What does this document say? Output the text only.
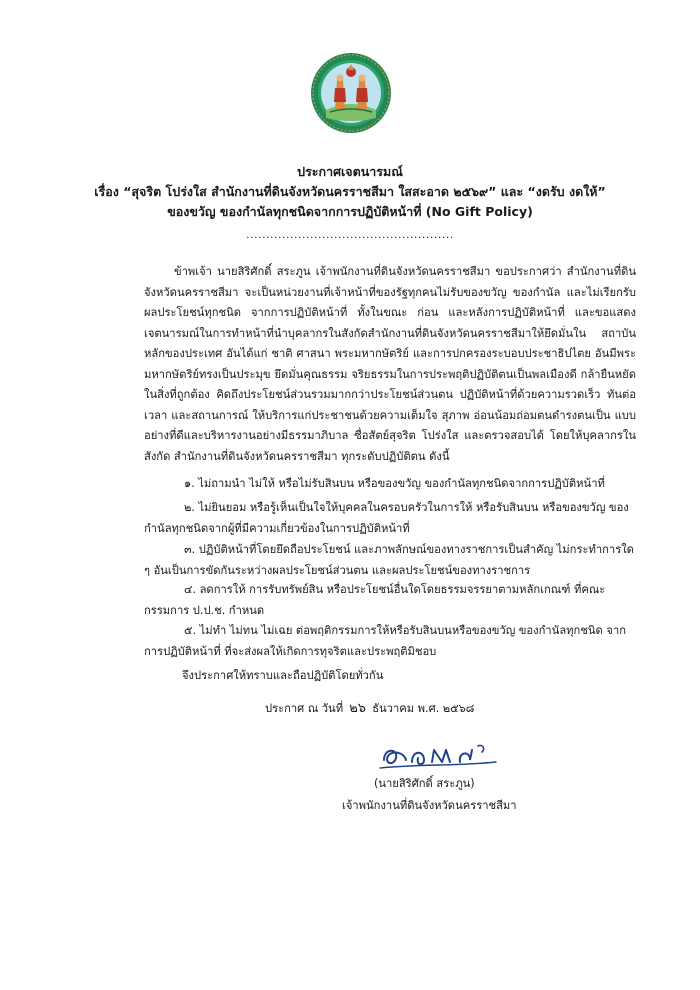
ประกาศเจตนารมณ์
เรื่อง “สุจริต โปร่งใส สำนักงานที่ดินจังหวัดนครราชสีมา ใสสะอาด ๒๕๖๙” และ “งดรับ งดให้”
ของขวัญ ของกำนัลทุกชนิดจากการปฏิบัติหน้าที่ (No Gift Policy)
....................................................
ข้าพเจ้า นายสิริศักดิ์ สระภูน เจ้าพนักงานที่ดินจังหวัดนครราชสีมา ขอประกาศว่า สำนักงานที่ดินจังหวัดนครราชสีมา จะเป็นหน่วยงานที่เจ้าหน้าที่ของรัฐทุกคนไม่รับของขวัญ ของกำนัล และไม่เรียกรับผลประโยชน์ทุกชนิด จากการปฏิบัติหน้าที่ ทั้งในขณะ ก่อน และหลังการปฏิบัติหน้าที่ และขอแสดงเจตนารมณ์ในการทำหน้าที่นำบุคลากรในสังกัดสำนักงานที่ดินจังหวัดนครราชสีมาให้ยึดมั่นใน สถาบันหลักของประเทศ อันได้แก่ ชาติ ศาสนา พระมหากษัตริย์ และการปกครองระบอบประชาธิปไตย อันมีพระมหากษัตริย์ทรงเป็นประมุข ยึดมั่นคุณธรรม จริยธรรมในการประพฤติปฏิบัติตนเป็นพลเมืองดี กล้ายืนหยัดในสิ่งที่ถูกต้อง คิดถึงประโยชน์ส่วนรวมมากกว่าประโยชน์ส่วนตน ปฏิบัติหน้าที่ด้วยความรวดเร็ว ทันต่อเวลา และสถานการณ์ ให้บริการแก่ประชาชนด้วยความเต็มใจ สุภาพ อ่อนน้อมถ่อมตนดำรงตนเป็น แบบอย่างที่ดีและบริหารงานอย่างมีธรรมาภิบาล ซื่อสัตย์สุจริต โปร่งใส และตรวจสอบได้ โดยให้บุคลากรในสังกัด สำนักงานที่ดินจังหวัดนครราชสีมา ทุกระดับปฏิบัติตน ดังนี้
๑. ไม่ถามนำ ไม่ให้ หรือไม่รับสินบน หรือของขวัญ ของกำนัลทุกชนิดจากการปฏิบัติหน้าที่
๒. ไม่ยินยอม หรือรู้เห็นเป็นใจให้บุคคลในครอบครัวในการให้ หรือรับสินบน หรือของขวัญ ของกำนัลทุกชนิดจากผู้ที่มีความเกี่ยวข้องในการปฏิบัติหน้าที่
๓. ปฏิบัติหน้าที่โดยยึดถือประโยชน์ และภาพลักษณ์ของทางราชการเป็นสำคัญ ไม่กระทำการใด ๆ อันเป็นการขัดกันระหว่างผลประโยชน์ส่วนตน และผลประโยชน์ของทางราชการ
๔. ลดการให้ การรับทรัพย์สิน หรือประโยชน์อื่นใดโดยธรรมจรรยาตามหลักเกณฑ์ ที่คณะกรรมการ ป.ป.ช. กำหนด
๕. ไม่ทำ ไม่ทน ไม่เฉย ต่อพฤติกรรมการให้หรือรับสินบนหรือของขวัญ ของกำนัลทุกชนิด จากการปฏิบัติหน้าที่ ที่จะส่งผลให้เกิดการทุจริตและประพฤติมิชอบ
จึงประกาศให้ทราบและถือปฏิบัติโดยทั่วกัน
ประกาศ ณ วันที่ ๒๖ ธันวาคม พ.ศ. ๒๕๖๘
(นายสิริศักดิ์ สระภูน)
เจ้าพนักงานที่ดินจังหวัดนครราชสีมา
